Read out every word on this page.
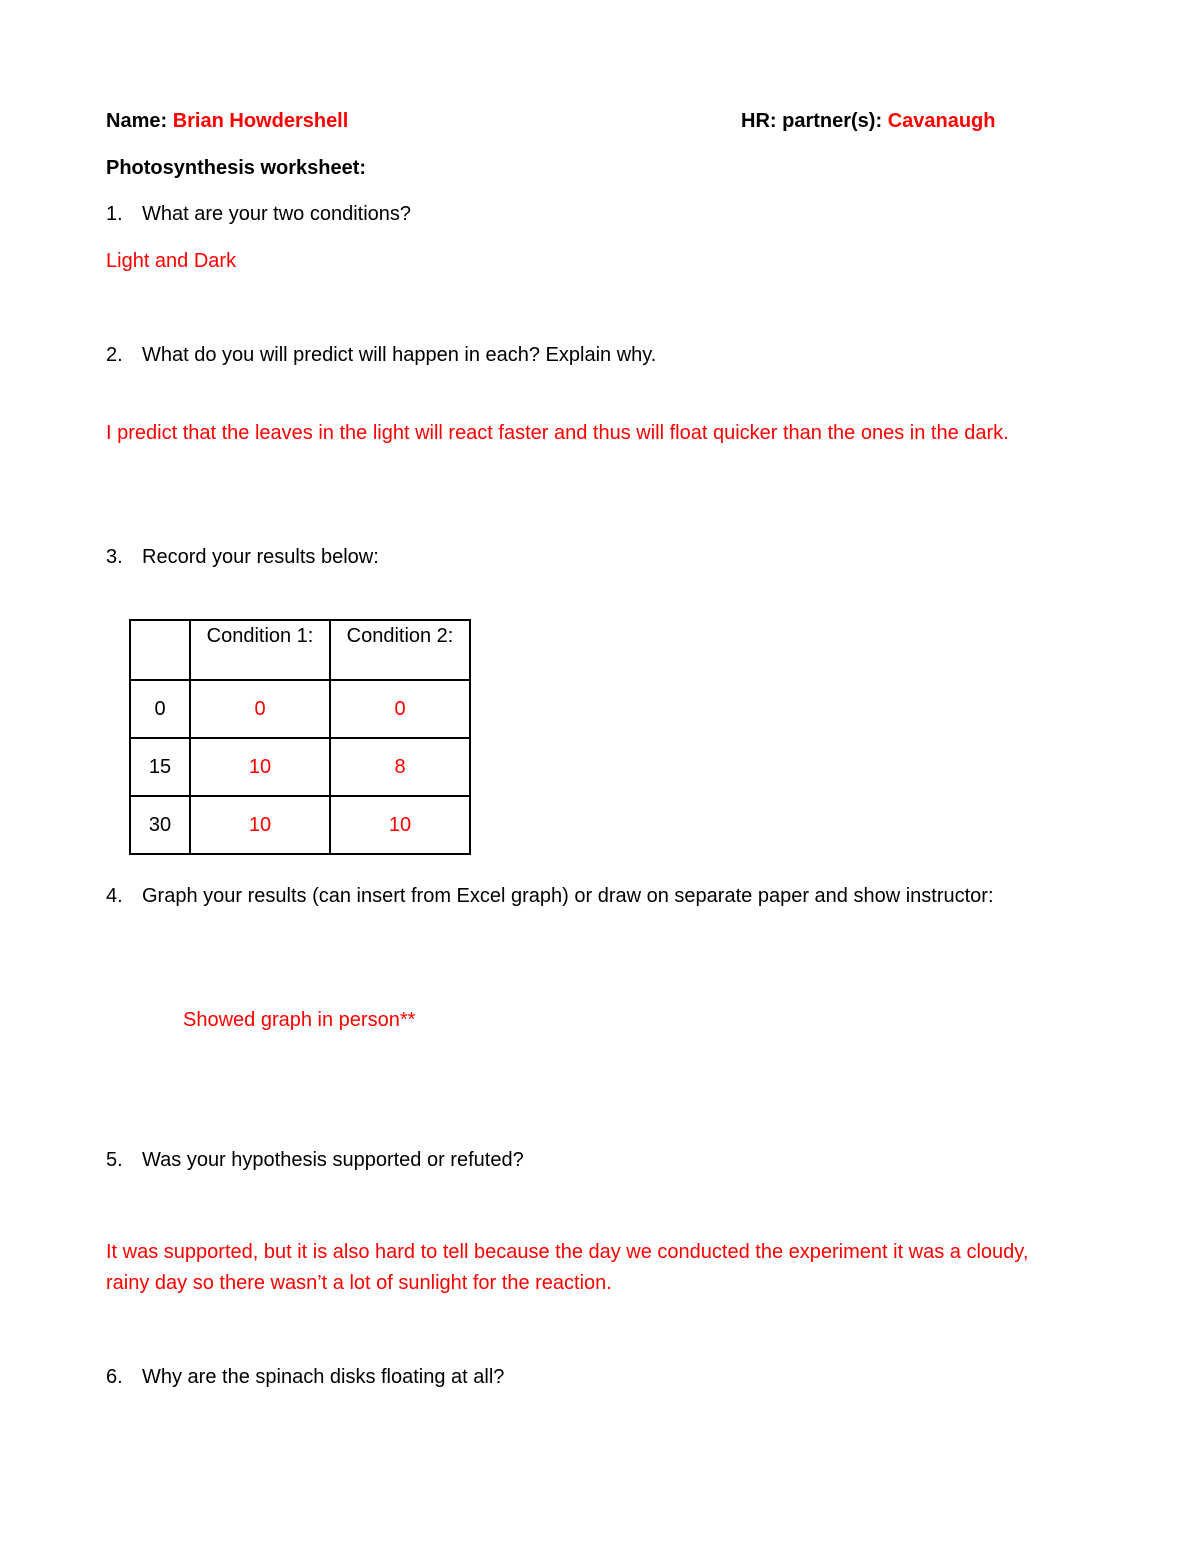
Name: Brian Howdershell	HR: partner(s): Cavanaugh
Photosynthesis worksheet:
1. What are your two conditions?
Light and Dark
2. What do you will predict will happen in each? Explain why.
I predict that the leaves in the light will react faster and thus will float quicker than the ones in the dark.
3. Record your results below:
	Condition 1:	Condition 2:
0	0	0
15	10	8
30	10	10
4. Graph your results (can insert from Excel graph) or draw on separate paper and show instructor:
Showed graph in person**
5. Was your hypothesis supported or refuted?
It was supported, but it is also hard to tell because the day we conducted the experiment it was a cloudy, rainy day so there wasn’t a lot of sunlight for the reaction.
6. Why are the spinach disks floating at all?
